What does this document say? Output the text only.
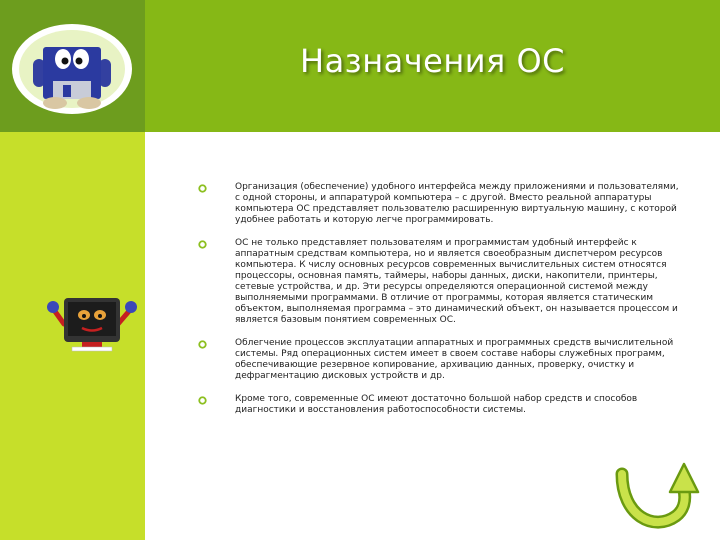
Назначения ОС

Организация (обеспечение) удобного интерфейса между приложениями и пользователями, с одной стороны, и аппаратурой компьютера – с другой. Вместо реальной аппаратуры компьютера ОС представляет пользователю расширенную виртуальную машину, с которой удобнее работать и которую легче программировать.

ОС не только представляет пользователям и программистам удобный интерфейс к аппаратным средствам компьютера, но и является своеобразным диспетчером ресурсов компьютера. К числу основных ресурсов современных вычислительных систем относятся процессоры, основная память, таймеры, наборы данных, диски, накопители, принтеры, сетевые устройства, и др. Эти ресурсы определяются операционной системой между выполняемыми программами. В отличие от программы, которая является статическим объектом, выполняемая программа – это динамический объект, он называется процессом и является базовым понятием современных ОС.

Облегчение процессов эксплуатации аппаратных и программных средств вычислительной системы. Ряд операционных систем имеет в своем составе наборы служебных программ, обеспечивающие резервное копирование, архивацию данных, проверку, очистку и дефрагментацию дисковых устройств и др.

Кроме того, современные ОС имеют достаточно большой набор средств и способов диагностики и восстановления работоспособности системы.
